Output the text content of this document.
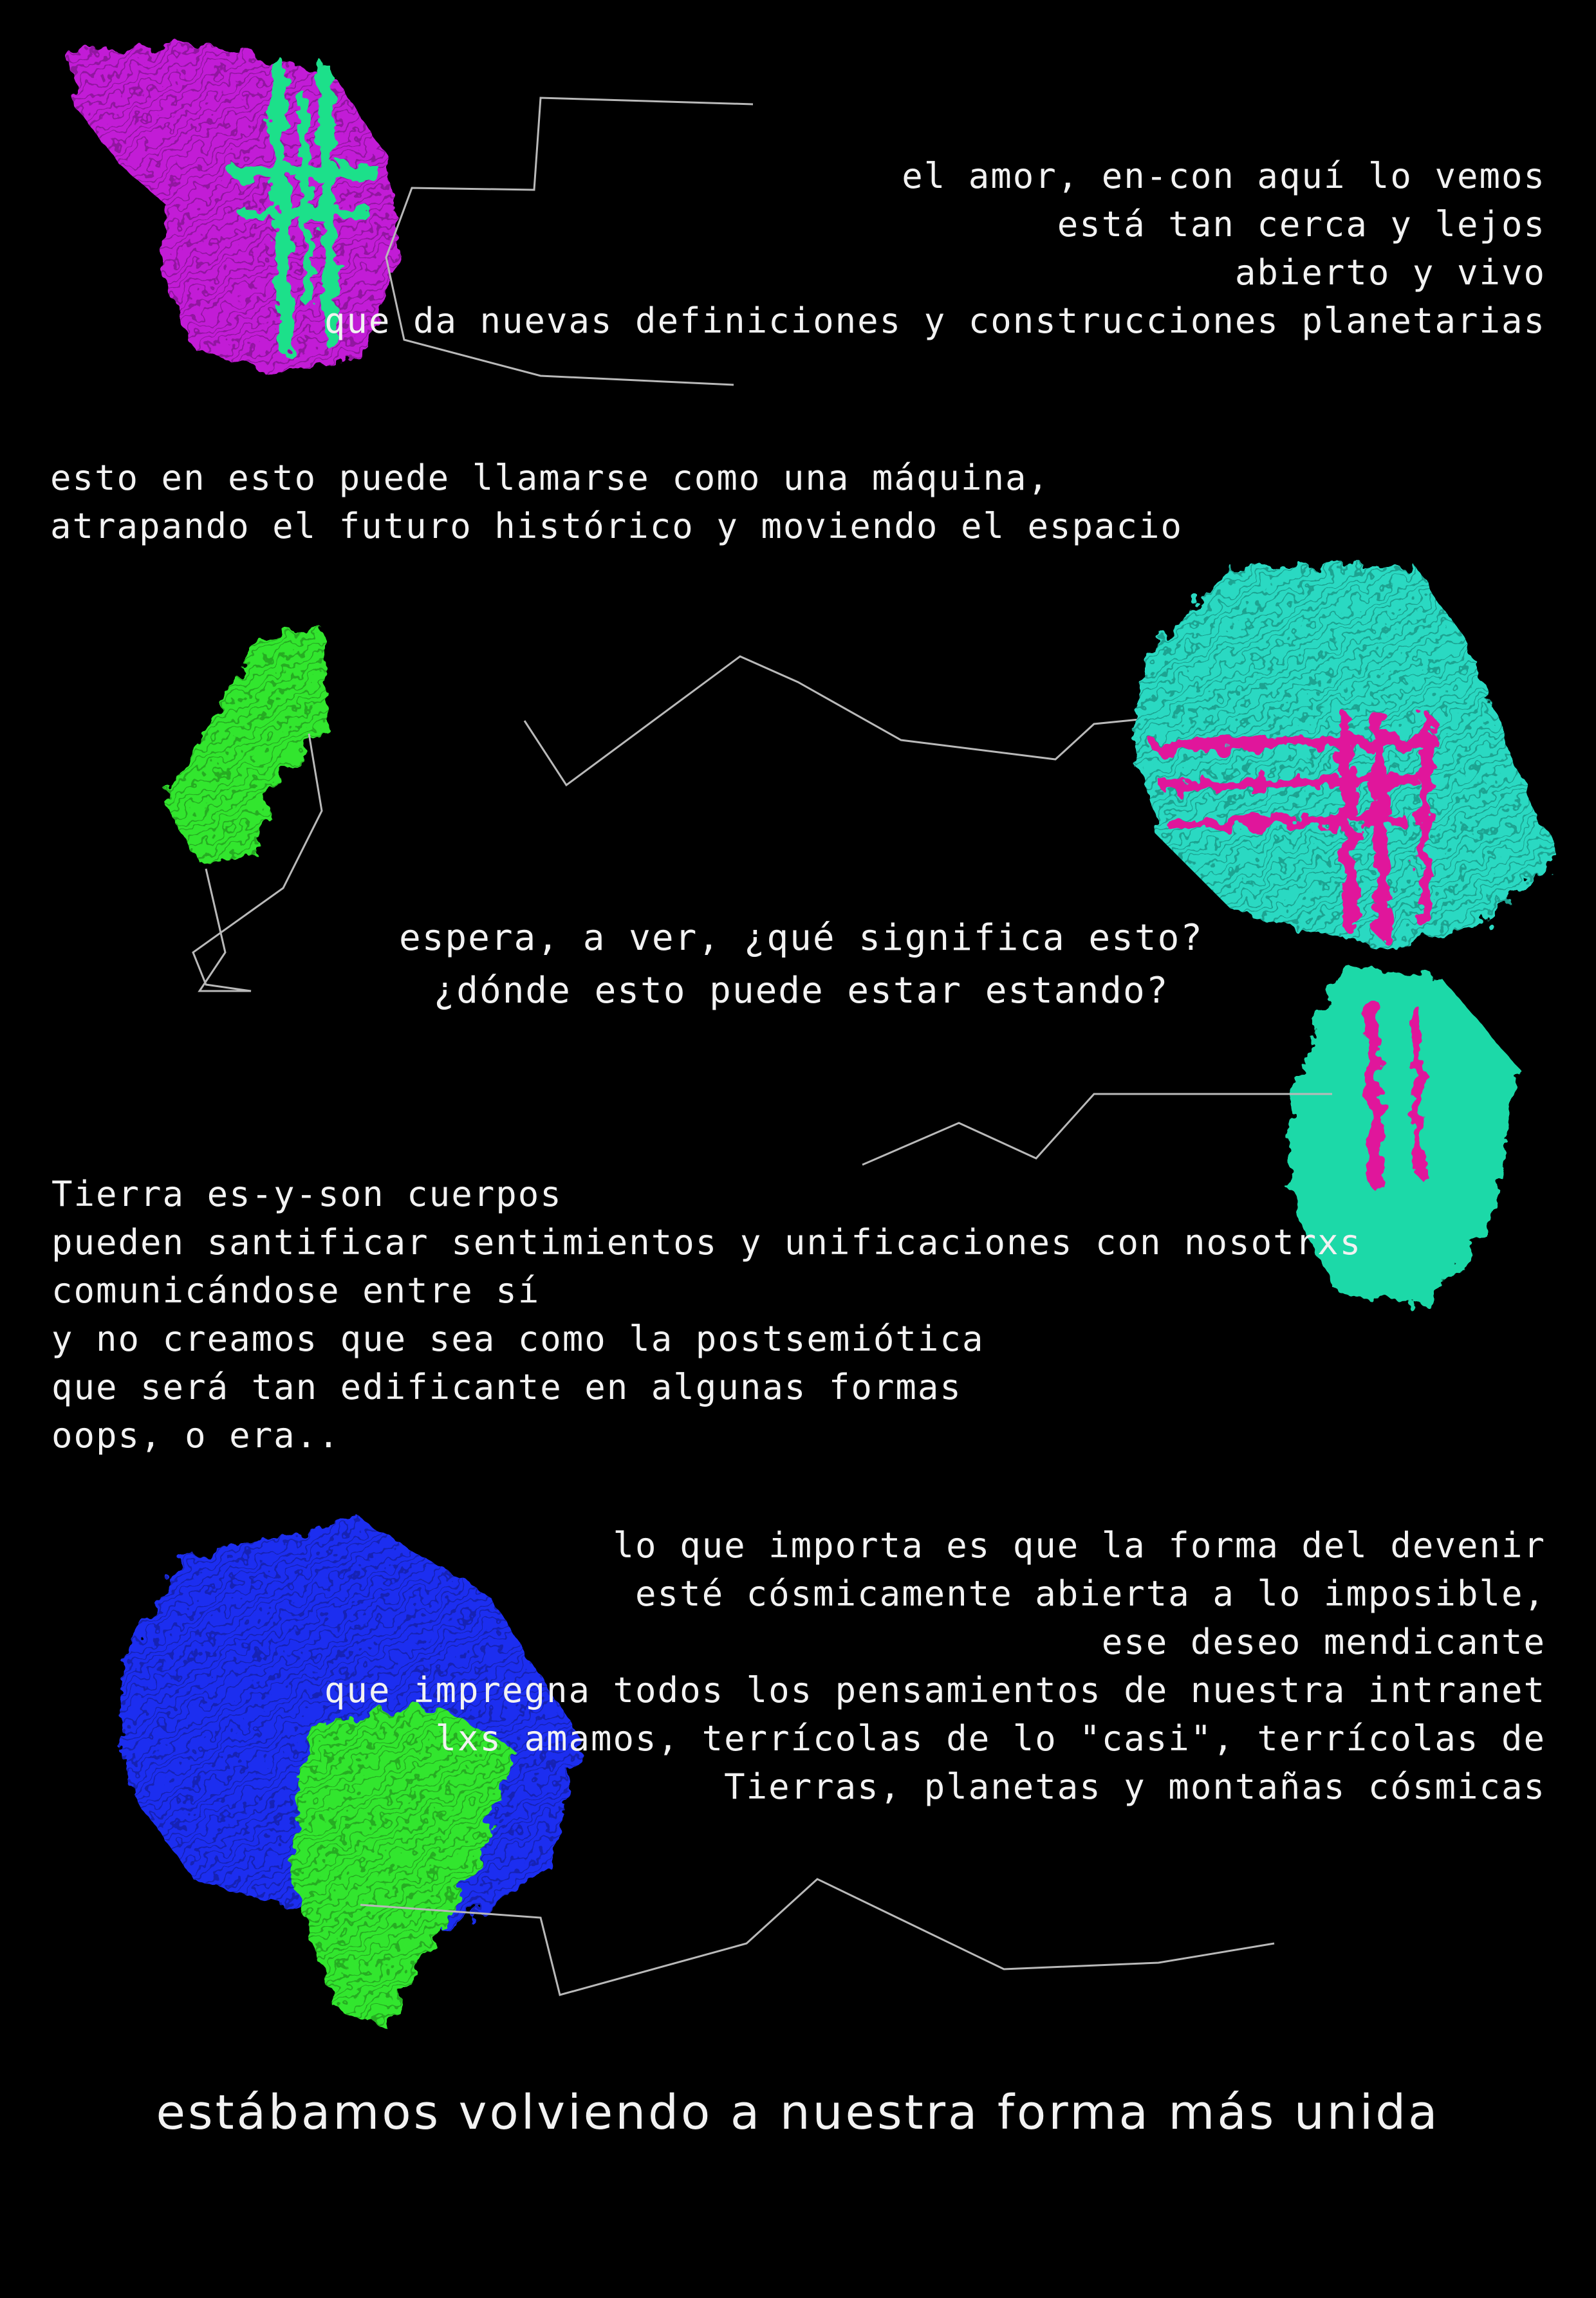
el amor, en-con aquí lo vemos
está tan cerca y lejos
abierto y vivo
que da nuevas definiciones y construcciones planetarias
esto en esto puede llamarse como una máquina,
atrapando el futuro histórico y moviendo el espacio
espera, a ver, ¿qué significa esto?
¿dónde esto puede estar estando?
Tierra es-y-son cuerpos
pueden santificar sentimientos y unificaciones con nosotrxs
comunicándose entre sí
y no creamos que sea como la postsemiótica
que será tan edificante en algunas formas
oops, o era..
lo que importa es que la forma del devenir
esté cósmicamente abierta a lo imposible,
ese deseo mendicante
que impregna todos los pensamientos de nuestra intranet
lxs amamos, terrícolas de lo "casi", terrícolas de
Tierras, planetas y montañas cósmicas
estábamos volviendo a nuestra forma más unida
